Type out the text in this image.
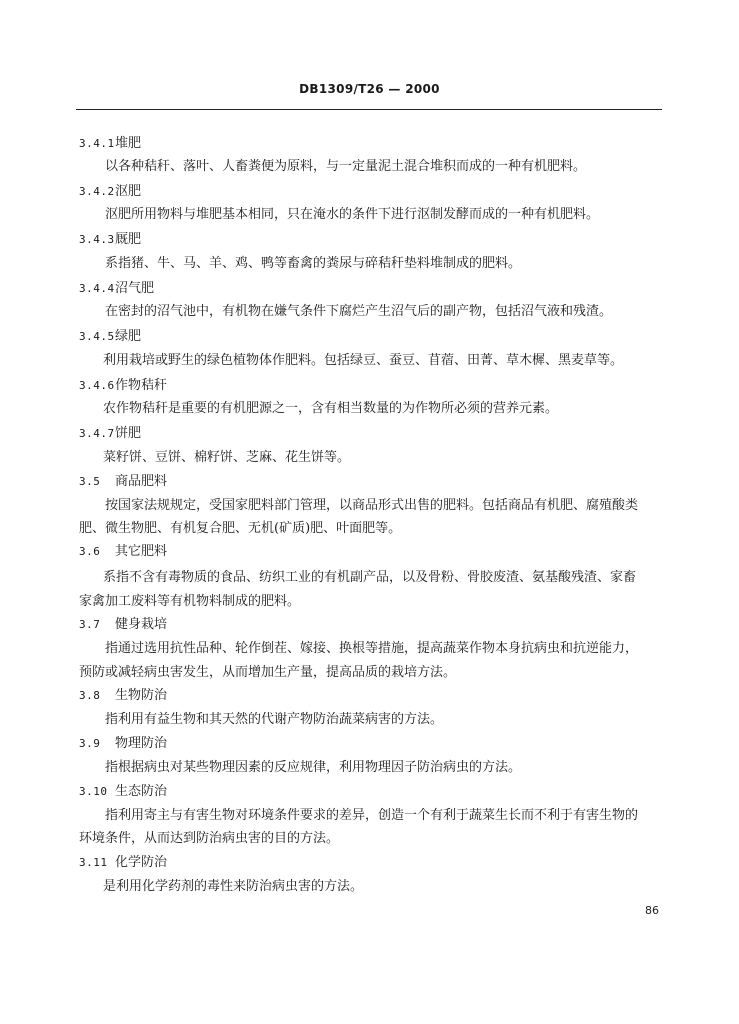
DB1309/T26 — 2000
3.4.1堆肥
以各种秸秆、落叶、人畜粪便为原料，与一定量泥土混合堆积而成的一种有机肥料。
3.4.2沤肥
沤肥所用物料与堆肥基本相同，只在淹水的条件下进行沤制发酵而成的一种有机肥料。
3.4.3厩肥
系指猪、牛、马、羊、鸡、鸭等畜禽的粪尿与碎秸秆垫料堆制成的肥料。
3.4.4沼气肥
在密封的沼气池中，有机物在嫌气条件下腐烂产生沼气后的副产物，包括沼气液和残渣。
3.4.5绿肥
利用栽培或野生的绿色植物体作肥料。包括绿豆、蚕豆、苜蓿、田菁、草木樨、黑麦草等。
3.4.6作物秸秆
农作物秸秆是重要的有机肥源之一，含有相当数量的为作物所必须的营养元素。
3.4.7饼肥
菜籽饼、豆饼、棉籽饼、芝麻、花生饼等。
3.5 商品肥料
按国家法规规定，受国家肥料部门管理，以商品形式出售的肥料。包括商品有机肥、腐殖酸类
肥、微生物肥、有机复合肥、无机(矿质)肥、叶面肥等。
3.6 其它肥料
系指不含有毒物质的食品、纺织工业的有机副产品，以及骨粉、骨胶废渣、氨基酸残渣、家畜
家禽加工废料等有机物料制成的肥料。
3.7 健身栽培
指通过选用抗性品种、轮作倒茬、嫁接、换根等措施，提高蔬菜作物本身抗病虫和抗逆能力，
预防或减轻病虫害发生，从而增加生产量，提高品质的栽培方法。
3.8 生物防治
指利用有益生物和其天然的代谢产物防治蔬菜病害的方法。
3.9 物理防治
指根据病虫对某些物理因素的反应规律，利用物理因子防治病虫的方法。
3.10 生态防治
指利用寄主与有害生物对环境条件要求的差异，创造一个有利于蔬菜生长而不利于有害生物的
环境条件，从而达到防治病虫害的目的方法。
3.11 化学防治
是利用化学药剂的毒性来防治病虫害的方法。
86
